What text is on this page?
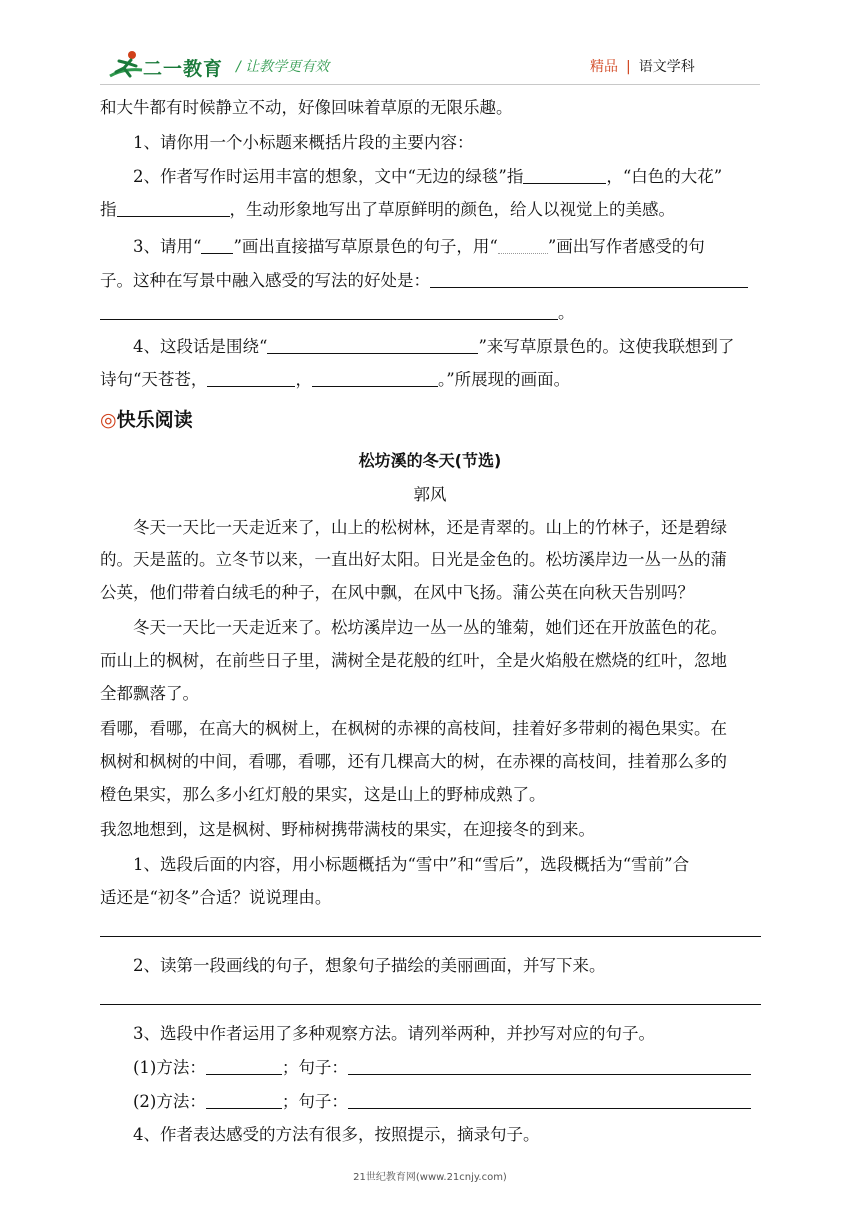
二一教育 / 让教学更有效	精品 | 语文学科
和大牛都有时候静立不动，好像回味着草原的无限乐趣。
1、请你用一个小标题来概括片段的主要内容：
2、作者写作时运用丰富的想象，文中“无边的绿毯”指	，“白色的大花”
指	，生动形象地写出了草原鲜明的颜色，给人以视觉上的美感。
3、请用“ ”画出直接描写草原景色的句子，用“	”画出写作者感受的句
子。这种在写景中融入感受的写法的好处是：
。
4、这段话是围绕“	”来写草原景色的。这使我联想到了
诗句“天苍苍，	，	。”所展现的画面。
◎快乐阅读
松坊溪的冬天(节选)
郭风
冬天一天比一天走近来了，山上的松树林，还是青翠的。山上的竹林子，还是碧绿
的。天是蓝的。立冬节以来，一直出好太阳。日光是金色的。松坊溪岸边一丛一丛的蒲
公英，他们带着白绒毛的种子，在风中飘，在风中飞扬。蒲公英在向秋天告别吗？
冬天一天比一天走近来了。松坊溪岸边一丛一丛的雏菊，她们还在开放蓝色的花。
而山上的枫树，在前些日子里，满树全是花般的红叶，全是火焰般在燃烧的红叶，忽地
全都飘落了。
看哪，看哪，在高大的枫树上，在枫树的赤裸的高枝间，挂着好多带刺的褐色果实。在
枫树和枫树的中间，看哪，看哪，还有几棵高大的树，在赤裸的高枝间，挂着那么多的
橙色果实，那么多小红灯般的果实，这是山上的野柿成熟了。
我忽地想到，这是枫树、野柿树携带满枝的果实，在迎接冬的到来。
1、选段后面的内容，用小标题概括为“雪中”和“雪后”，选段概括为“雪前”合
适还是“初冬”合适？说说理由。
2、读第一段画线的句子，想象句子描绘的美丽画面，并写下来。
3、选段中作者运用了多种观察方法。请列举两种，并抄写对应的句子。
(1)方法：	；句子：
(2)方法：	；句子：
4、作者表达感受的方法有很多，按照提示，摘录句子。
21世纪教育网(www.21cnjy.com)
